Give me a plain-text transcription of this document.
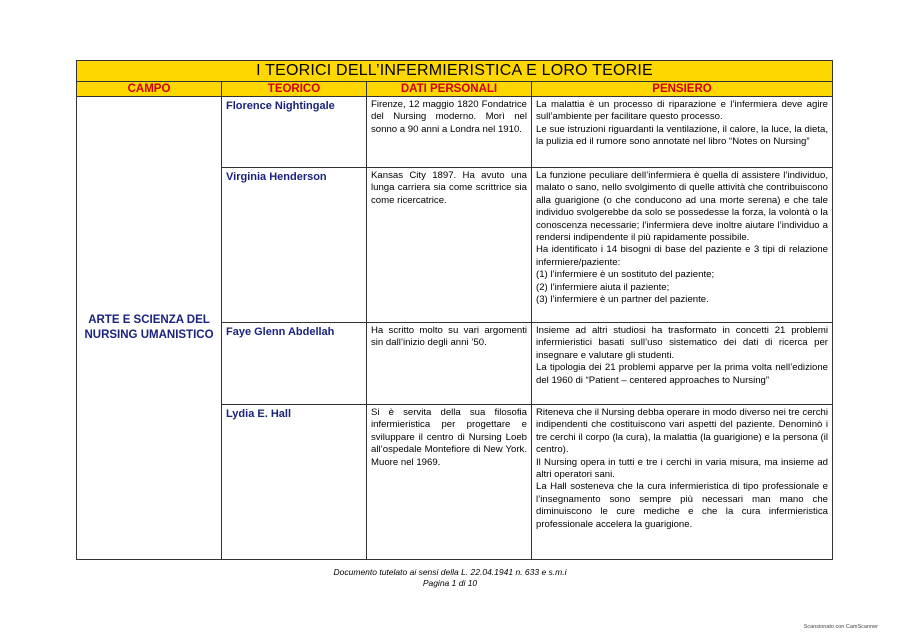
I TEORICI DELL’INFERMIERISTICA E LORO TEORIE			
CAMPO	TEORICO	DATI PERSONALI	PENSIERO
ARTE E SCIENZA DEL NURSING UMANISTICO	Florence Nightingale	Firenze, 12 maggio 1820 Fondatrice del Nursing moderno. Morì nel sonno a 90 anni a Londra nel 1910.	La malattia è un processo di riparazione e l’infermiera deve agire sull’ambiente per facilitare questo processo.
Le sue istruzioni riguardanti la ventilazione, il calore, la luce, la dieta, la pulizia ed il rumore sono annotate nel libro “Notes on Nursing”

	Virginia Henderson	Kansas City 1897. Ha avuto una lunga carriera sia come scrittrice sia come ricercatrice.	La funzione peculiare dell’infermiera è quella di assistere l’individuo, malato o sano, nello svolgimento di quelle attività che contribuiscono alla guarigione (o che conducono ad una morte serena) e che tale individuo svolgerebbe da solo se possedesse la forza, la volontà o la conoscenza necessarie; l’infermiera deve inoltre aiutare l’individuo a rendersi indipendente il più rapidamente possibile.
Ha identificato i 14 bisogni di base del paziente e 3 tipi di relazione infermiere/paziente:
(1) l’infermiere è un sostituto del paziente;
(2) l’infermiere aiuta il paziente;
(3) l’infermiere è un partner del paziente.

	Faye Glenn Abdellah	Ha scritto molto su vari argomenti sin dall’inizio degli anni ’50.	Insieme ad altri studiosi ha trasformato in concetti 21 problemi infermieristici basati sull’uso sistematico dei dati di ricerca per insegnare e valutare gli studenti.
La tipologia dei 21 problemi apparve per la prima volta nell’edizione del 1960 di “Patient – centered approaches to Nursing”

	Lydia E. Hall	Si è servita della sua filosofia infermieristica per progettare e sviluppare il centro di Nursing Loeb all’ospedale Montefiore di New York. Muore nel 1969.	Riteneva che il Nursing debba operare in modo diverso nei tre cerchi indipendenti che costituiscono vari aspetti del paziente. Denominò i tre cerchi il corpo (la cura), la malattia (la guarigione) e la persona (il centro).
Il Nursing opera in tutti e tre i cerchi in varia misura, ma insieme ad altri operatori sani.
La Hall sosteneva che la cura infermieristica di tipo professionale e l’insegnamento sono sempre più necessari man mano che diminuiscono le cure mediche e che la cura infermieristica professionale accelera la guarigione.
Documento tutelato ai sensi della L. 22.04.1941 n. 633 e s.m.i
Pagina 1 di 10
Scansionato con CamScanner
